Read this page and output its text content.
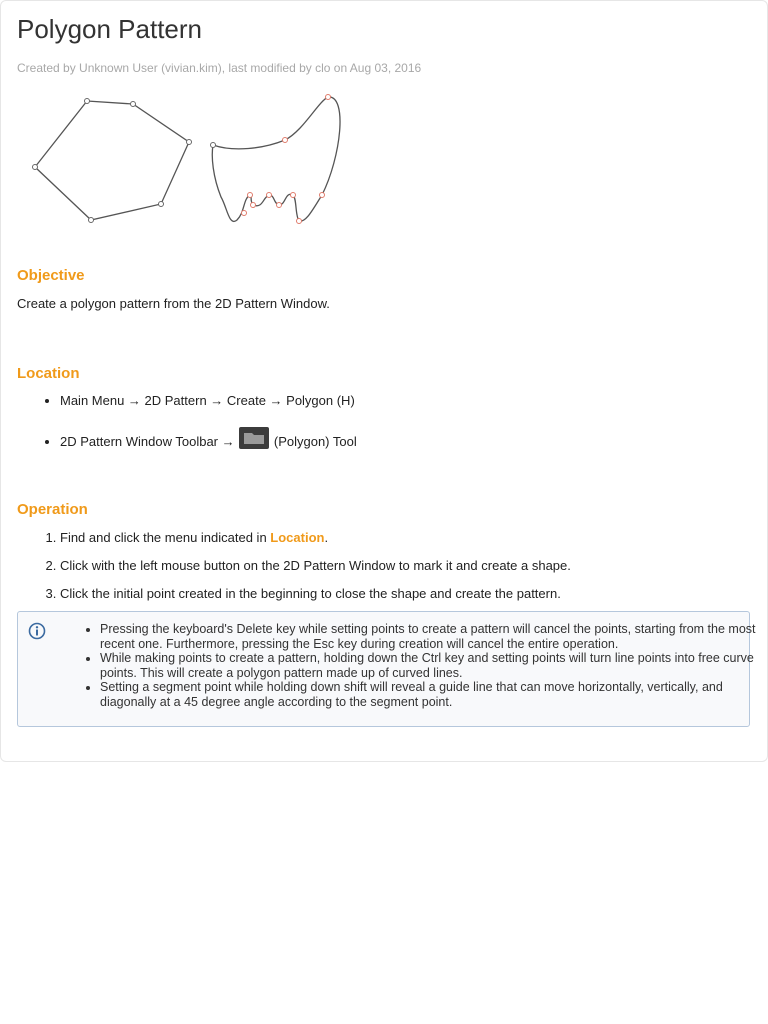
Polygon Pattern
Created by Unknown User (vivian.kim), last modified by clo on Aug 03, 2016
Objective
Create a polygon pattern from the 2D Pattern Window.
Location
• Main Menu → 2D Pattern → Create → Polygon (H)
• 2D Pattern Window Toolbar →	(Polygon) Tool
Operation
1. Find and click the menu indicated in Location.
2. Click with the left mouse button on the 2D Pattern Window to mark it and create a shape.
3. Click the initial point created in the beginning to close the shape and create the pattern.
• Pressing the keyboard's Delete key while setting points to create a pattern will cancel the points, starting from the most recent one. Furthermore, pressing the Esc key during creation will cancel the entire operation.
• While making points to create a pattern, holding down the Ctrl key and setting points will turn line points into free curve points. This will create a polygon pattern made up of curved lines.
• Setting a segment point while holding down shift will reveal a guide line that can move horizontally, vertically, and diagonally at a 45 degree angle according to the segment point.
